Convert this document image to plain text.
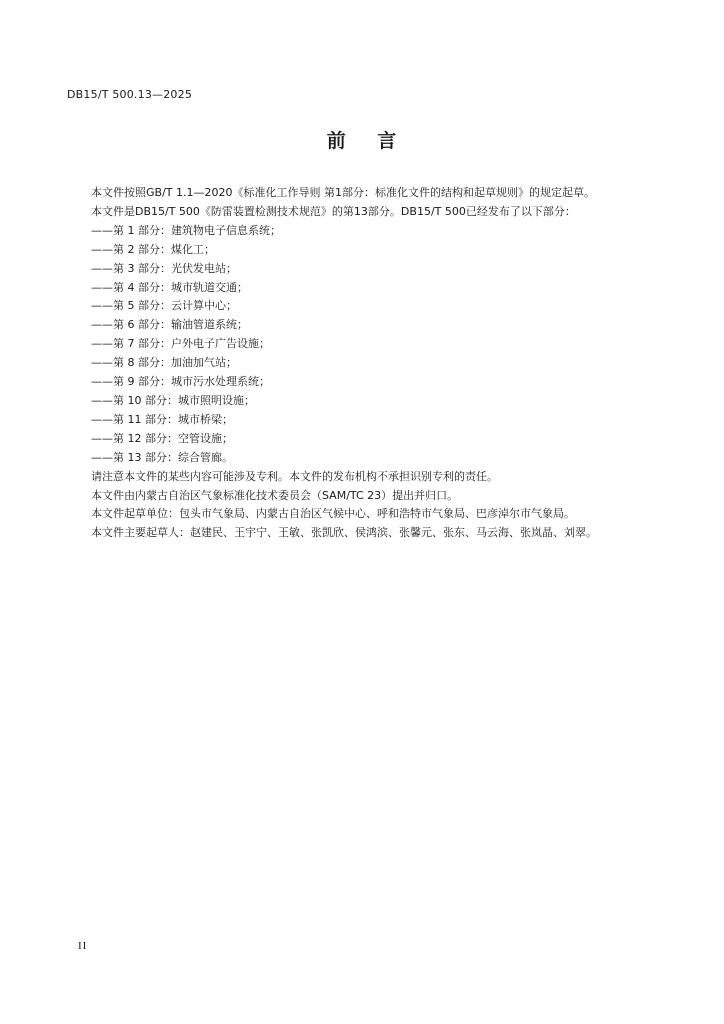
DB15/T 500.13—2025
前    言

本文件按照GB/T 1.1—2020《标准化工作导则 第1部分：标准化文件的结构和起草规则》的规定起草。

本文件是DB15/T 500《防雷装置检测技术规范》的第13部分。DB15/T 500已经发布了以下部分：

——第 1 部分：建筑物电子信息系统；
——第 2 部分：煤化工；
——第 3 部分：光伏发电站；
——第 4 部分：城市轨道交通；
——第 5 部分：云计算中心；
——第 6 部分：输油管道系统；
——第 7 部分：户外电子广告设施；
——第 8 部分：加油加气站；
——第 9 部分：城市污水处理系统；
——第 10 部分：城市照明设施；
——第 11 部分：城市桥梁；
——第 12 部分：空管设施；
——第 13 部分：综合管廊。

请注意本文件的某些内容可能涉及专利。本文件的发布机构不承担识别专利的责任。

本文件由内蒙古自治区气象标准化技术委员会（SAM/TC 23）提出并归口。

本文件起草单位：包头市气象局、内蒙古自治区气候中心、呼和浩特市气象局、巴彦淖尔市气象局。

本文件主要起草人：赵建民、王宇宁、王敏、张凯欣、侯鸿滨、张馨元、张东、马云海、张岚晶、刘翠。

II
